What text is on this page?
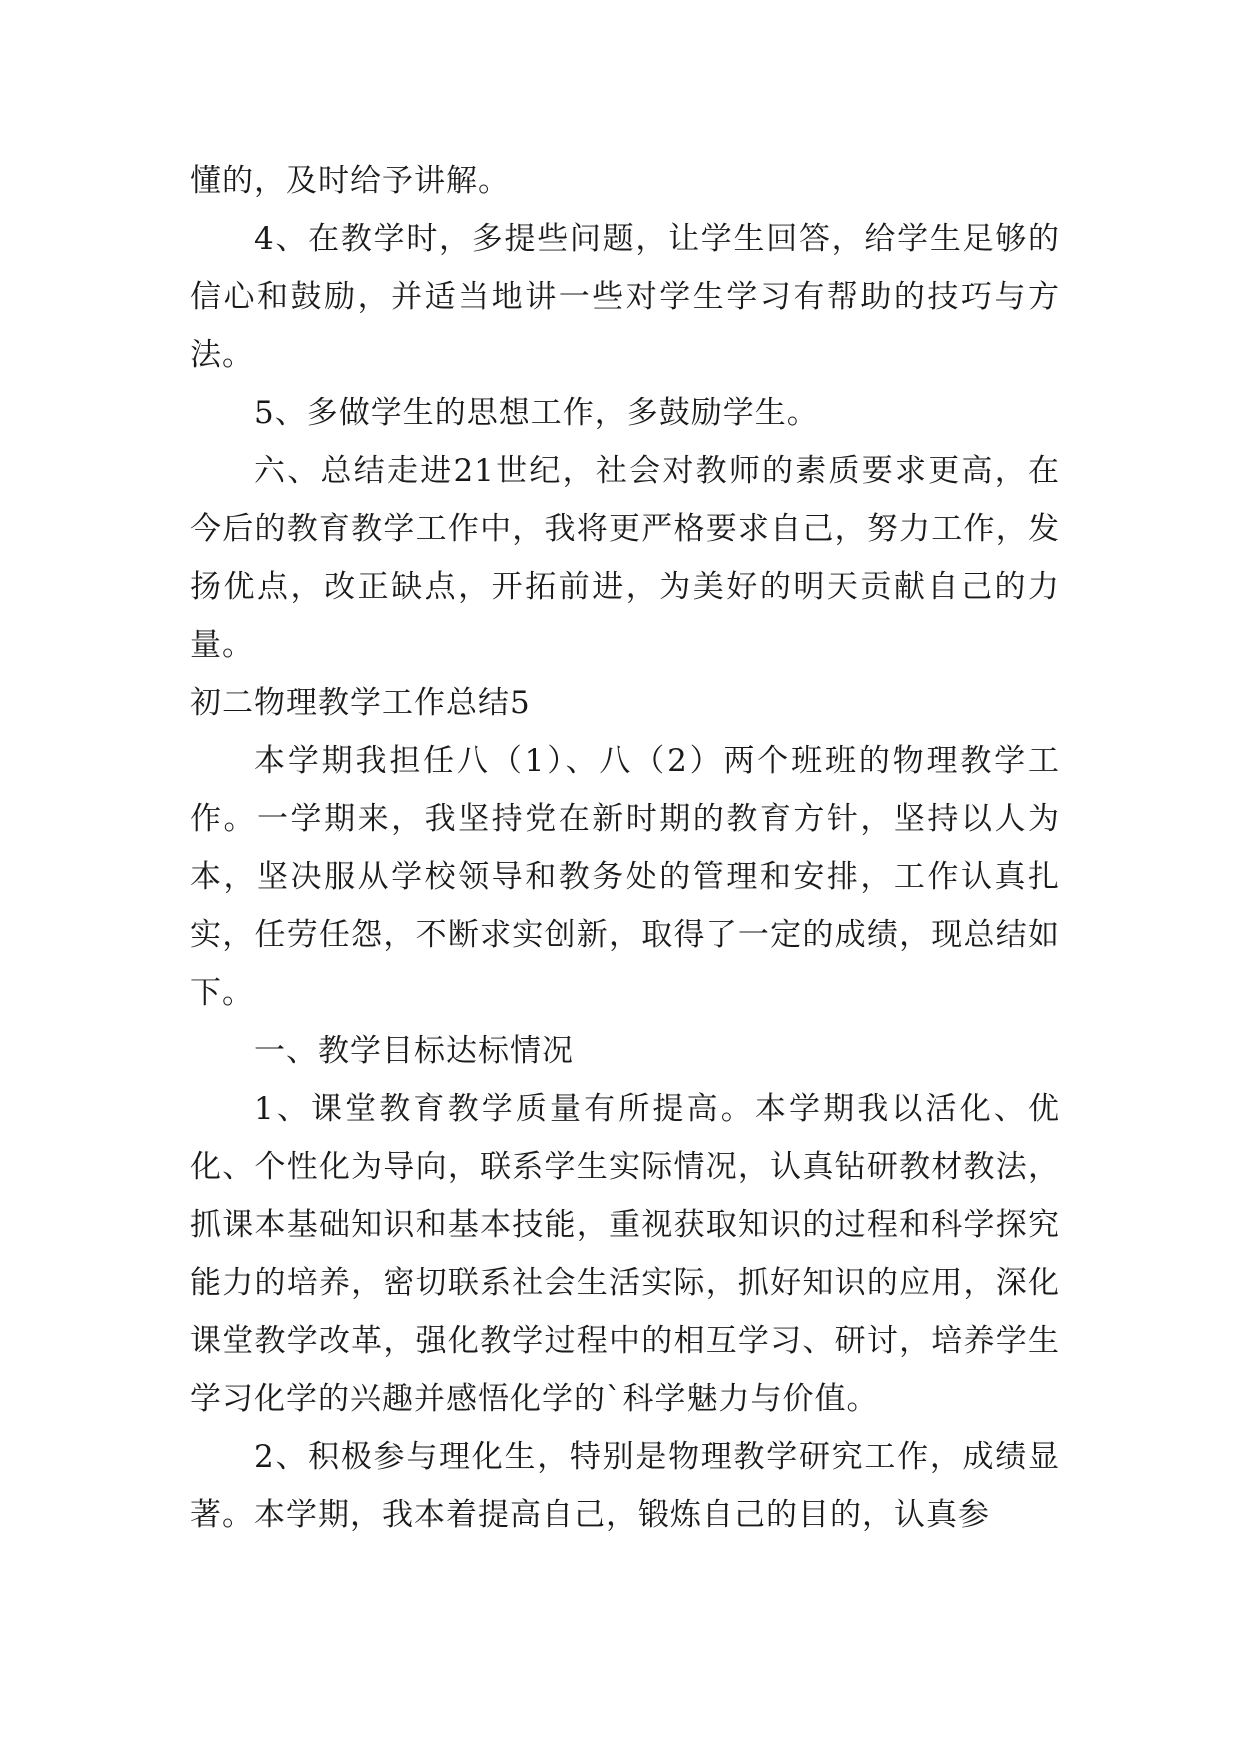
懂的，及时给予讲解。

4、在教学时，多提些问题，让学生回答，给学生足够的信心和鼓励，并适当地讲一些对学生学习有帮助的技巧与方法。

5、多做学生的思想工作，多鼓励学生。

六、总结走进21世纪，社会对教师的素质要求更高，在今后的教育教学工作中，我将更严格要求自己，努力工作，发扬优点，改正缺点，开拓前进，为美好的明天贡献自己的力量。

初二物理教学工作总结5

本学期我担任八（1）、八（2）两个班班的物理教学工作。一学期来，我坚持党在新时期的教育方针，坚持以人为本，坚决服从学校领导和教务处的管理和安排，工作认真扎实，任劳任怨，不断求实创新，取得了一定的成绩，现总结如下。

一、教学目标达标情况

1、课堂教育教学质量有所提高。本学期我以活化、优化、个性化为导向，联系学生实际情况，认真钻研教材教法，抓课本基础知识和基本技能，重视获取知识的过程和科学探究能力的培养，密切联系社会生活实际，抓好知识的应用，深化课堂教学改革，强化教学过程中的相互学习、研讨，培养学生学习化学的兴趣并感悟化学的`科学魅力与价值。

2、积极参与理化生，特别是物理教学研究工作，成绩显著。本学期，我本着提高自己，锻炼自己的目的，认真参
